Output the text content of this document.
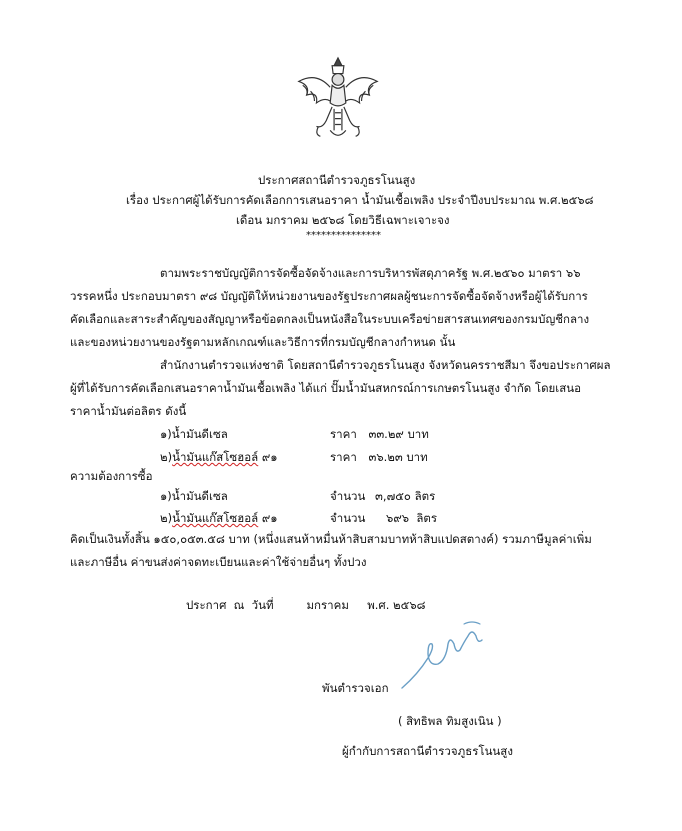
ประกาศสถานีตำรวจภูธรโนนสูง
เรื่อง ประกาศผู้ได้รับการคัดเลือกการเสนอราคา น้ำมันเชื้อเพลิง ประจำปีงบประมาณ พ.ศ.๒๕๖๘
เดือน มกราคม ๒๕๖๘ โดยวิธีเฉพาะเจาะจง
***************
ตามพระราชบัญญัติการจัดซื้อจัดจ้างและการบริหารพัสดุภาครัฐ พ.ศ.๒๕๖๐ มาตรา ๖๖
วรรคหนึ่ง ประกอบมาตรา ๙๘ บัญญัติให้หน่วยงานของรัฐประกาศผลผู้ชนะการจัดซื้อจัดจ้างหรือผู้ได้รับการ
คัดเลือกและสาระสำคัญของสัญญาหรือข้อตกลงเป็นหนังสือในระบบเครือข่ายสารสนเทศของกรมบัญชีกลาง
และของหน่วยงานของรัฐตามหลักเกณฑ์และวิธีการที่กรมบัญชีกลางกำหนด นั้น
สำนักงานตำรวจแห่งชาติ โดยสถานีตำรวจภูธรโนนสูง จังหวัดนครราชสีมา จึงขอประกาศผล
ผู้ที่ได้รับการคัดเลือกเสนอราคาน้ำมันเชื้อเพลิง ได้แก่ ปั๊มน้ำมันสหกรณ์การเกษตรโนนสูง จำกัด โดยเสนอ
ราคาน้ำมันต่อลิตร ดังนี้
๑)น้ำมันดีเซล	ราคา ๓๓.๒๙ บาท
๒)น้ำมันแก๊สโซฮอล์ ๙๑	ราคา ๓๖.๒๓ บาท
ความต้องการซื้อ
๑)น้ำมันดีเซล	จำนวน ๓,๗๕๐ ลิตร
๒)น้ำมันแก๊สโซฮอล์ ๙๑	จำนวน    ๖๙๖  ลิตร
คิดเป็นเงินทั้งสิ้น ๑๕๐,๐๕๓.๕๘ บาท (หนึ่งแสนห้าหมื่นห้าสิบสามบาทห้าสิบแปดสตางค์) รวมภาษีมูลค่าเพิ่ม
และภาษีอื่น ค่าขนส่งค่าจดทะเบียนและค่าใช้จ่ายอื่นๆ ทั้งปวง
ประกาศ  ณ  วันที่         มกราคม     พ.ศ. ๒๕๖๘
พันตำรวจเอก
( สิทธิพล ทิมสูงเนิน )
ผู้กำกับการสถานีตำรวจภูธรโนนสูง
